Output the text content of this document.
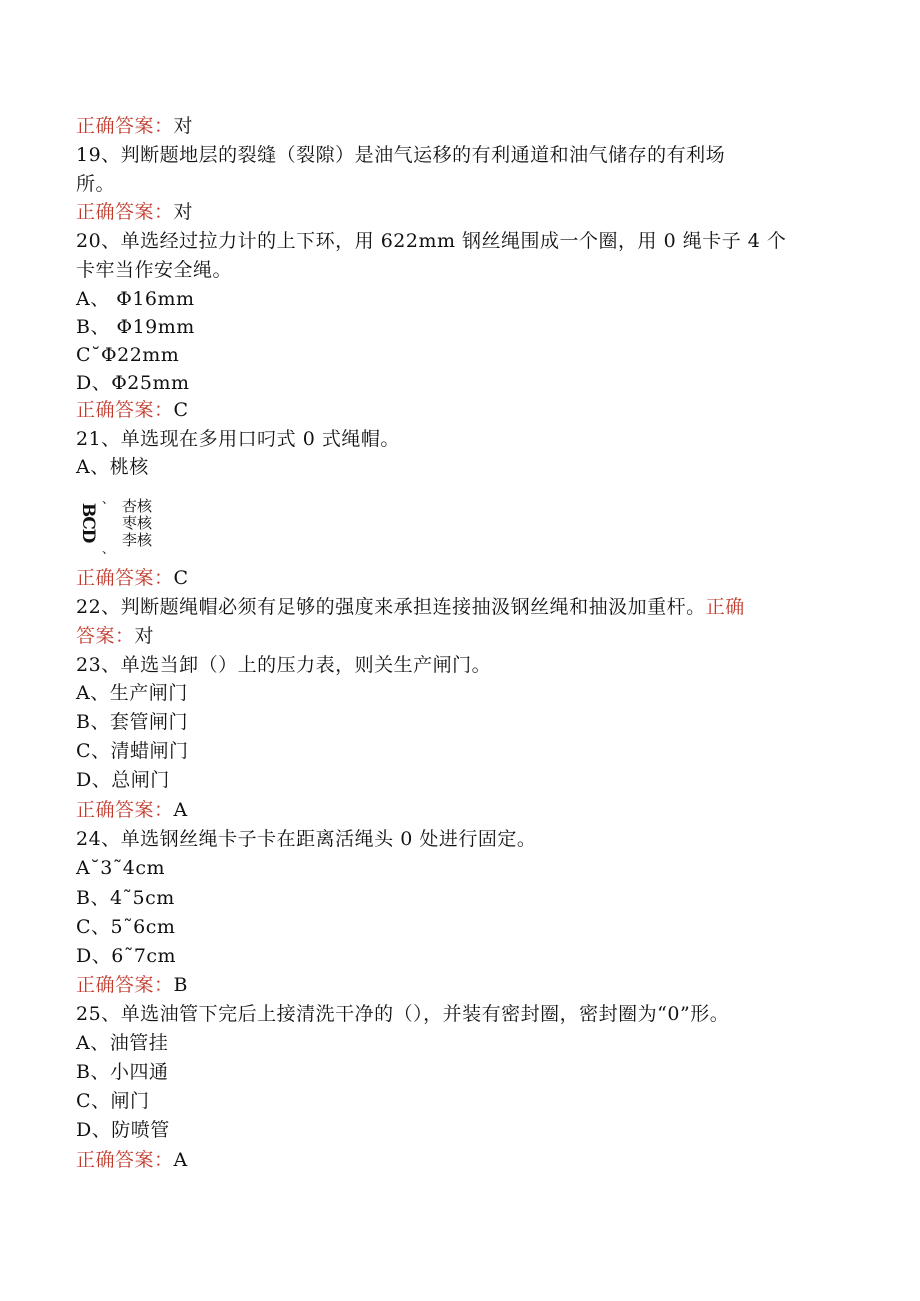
正确答案：对
19、判断题地层的裂缝（裂隙）是油气运移的有利通道和油气储存的有利场
所。
正确答案：对
20、单选经过拉力计的上下环，用 622mm 钢丝绳围成一个圈，用 0 绳卡子 4 个
卡牢当作安全绳。
A、 Φ16mm
B、 Φ19mm
C˘Φ22mm
D、Φ25mm
正确答案：C
21、单选现在多用口叼式 0 式绳帽。
A、桃核
B
C
D
、
、
杏核
枣核
李核
正确答案：C
22、判断题绳帽必须有足够的强度来承担连接抽汲钢丝绳和抽汲加重杆。正确
答案：对
23、单选当卸（）上的压力表，则关生产闸门。
A、生产闸门
B、套管闸门
C、清蜡闸门
D、总闸门
正确答案：A
24、单选钢丝绳卡子卡在距离活绳头 0 处进行固定。
A˘3˜4cm
B、4˜5cm
C、5˜6cm
D、6˜7cm
正确答案：B
25、单选油管下完后上接清洗干净的（），并装有密封圈，密封圈为“0”形。
A、油管挂
B、小四通
C、闸门
D、防喷管
正确答案：A
